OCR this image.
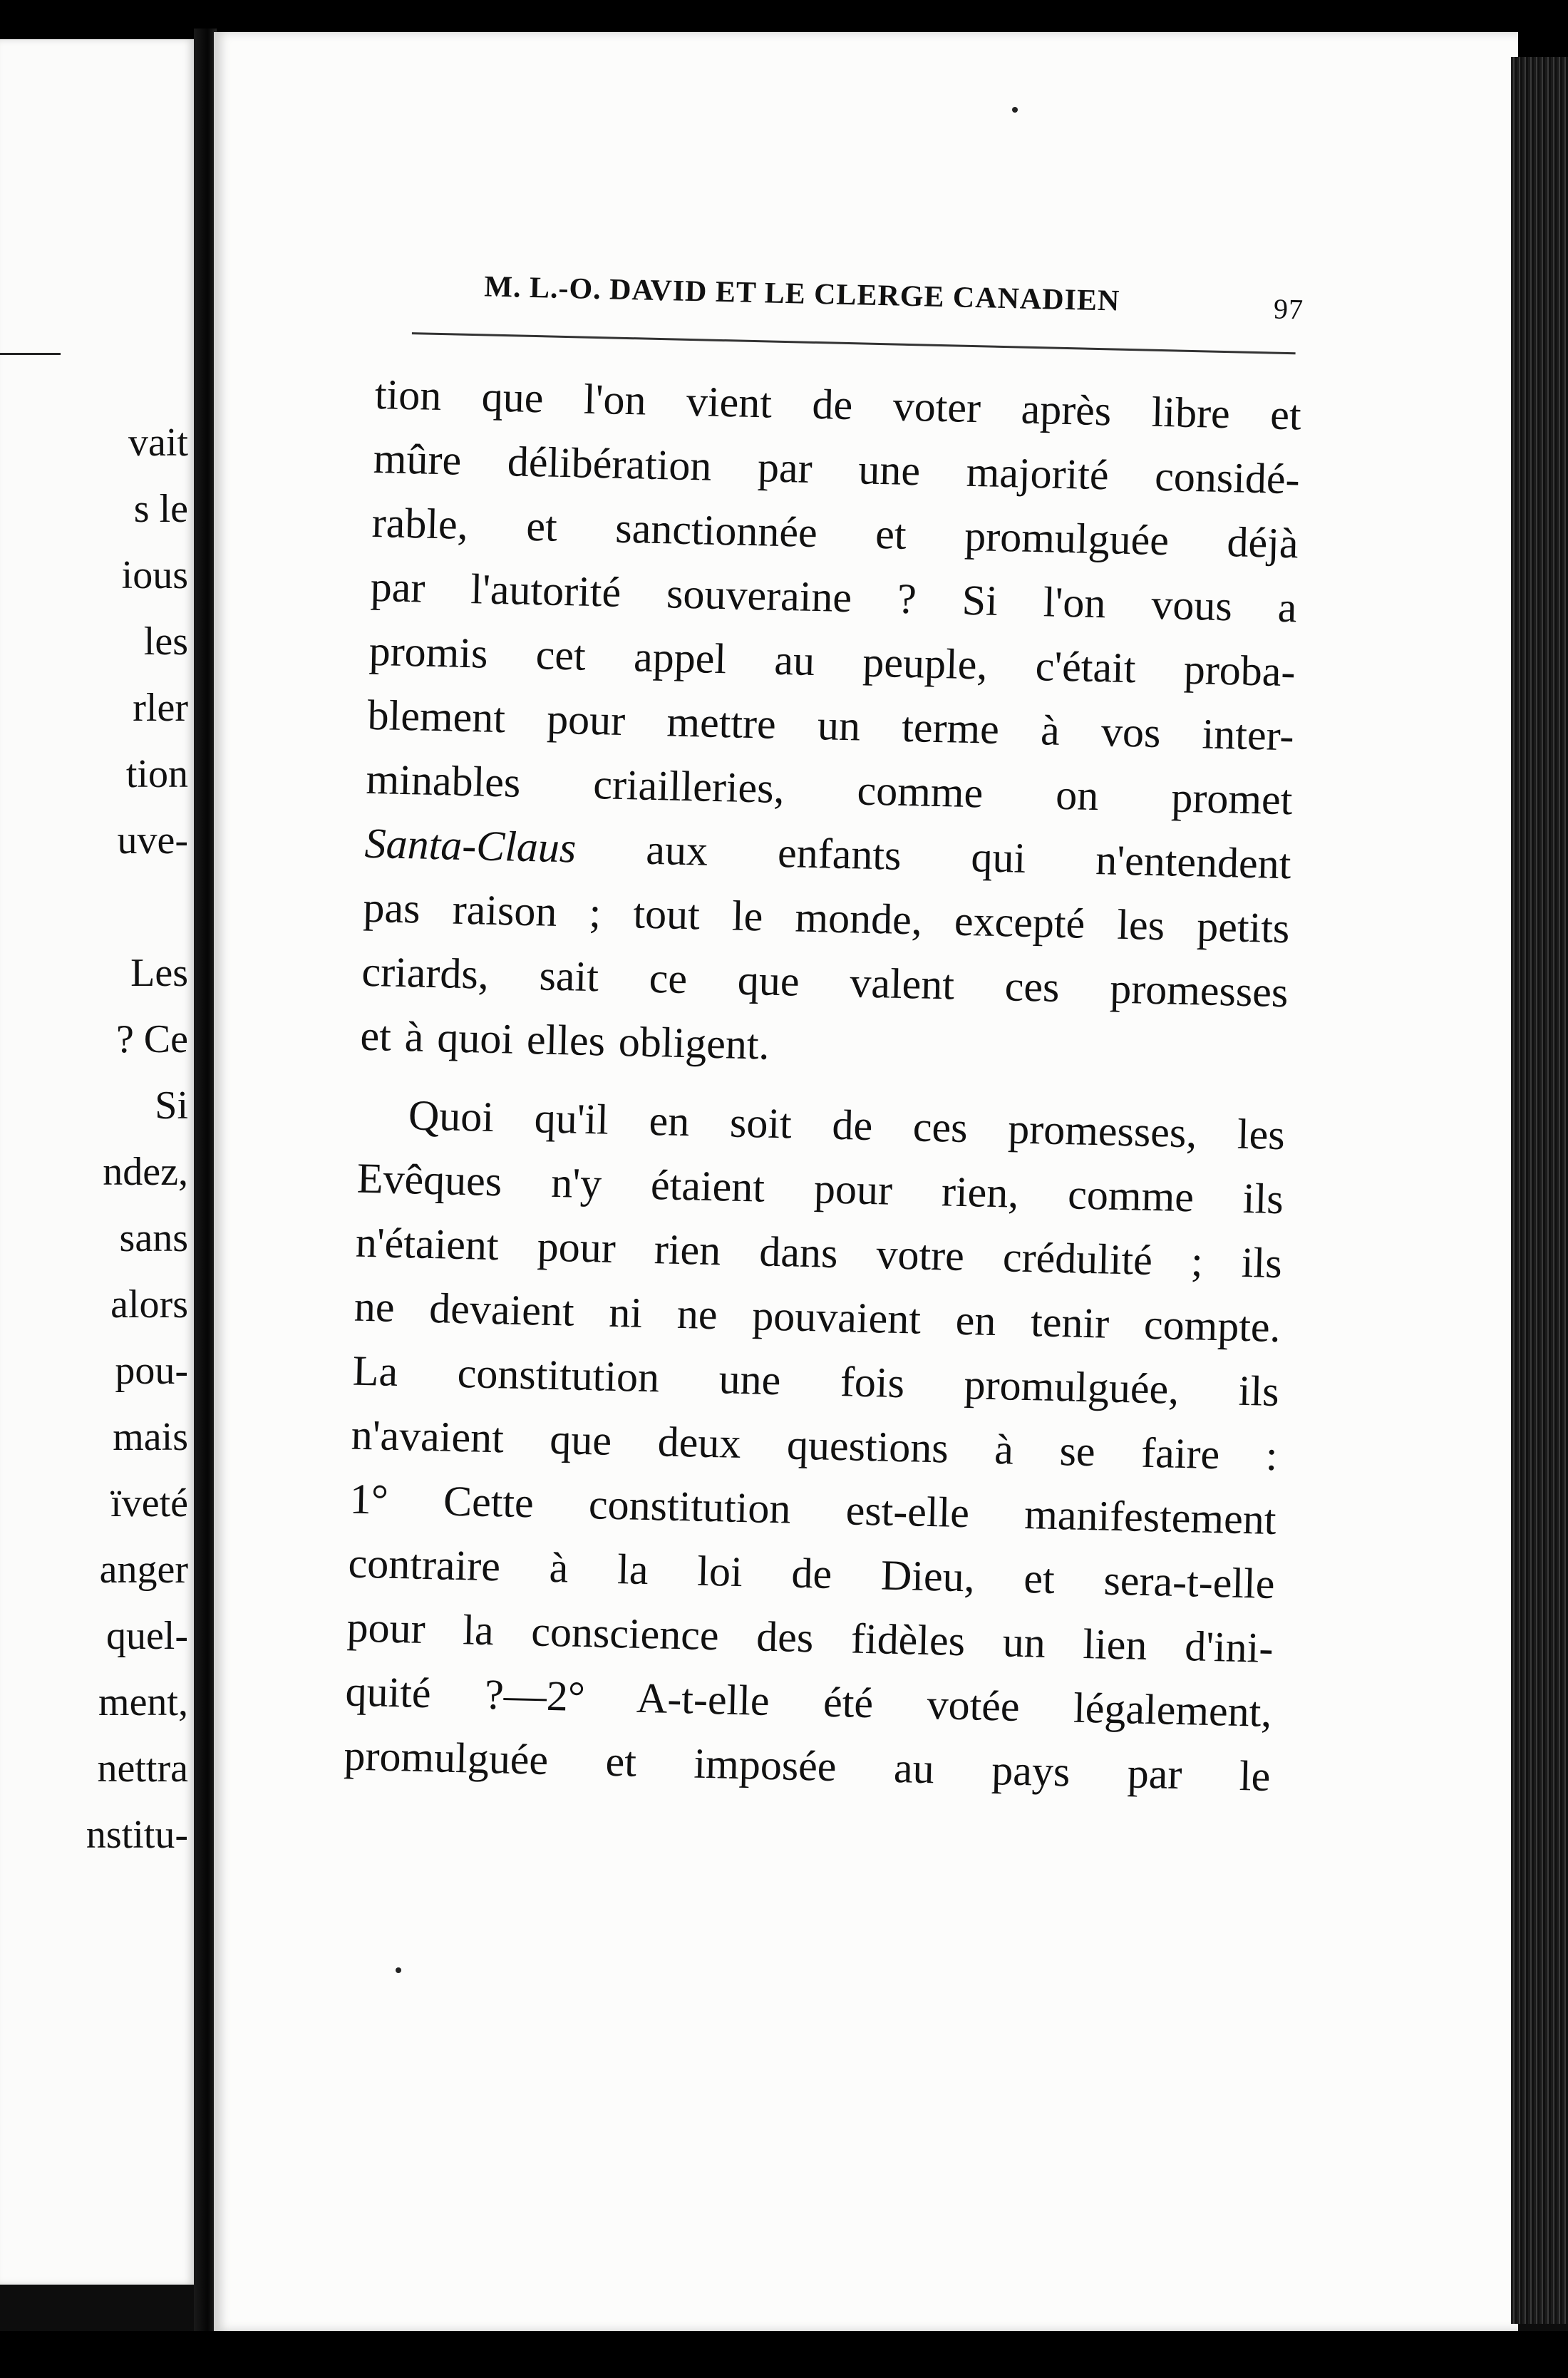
vait
s le
ious
les
rler
tion
uve-

Les
? Ce
Si
ndez,
sans
alors
pou-
mais
ïveté
anger
quel-
ment,
nettra
nstitu-
M. L.-O. DAVID ET LE CLERGE CANADIEN	97

tion que l'on vient de voter après libre et
mûre délibération par une majorité considé-
rable, et sanctionnée et promulguée déjà
par l'autorité souveraine ? Si l'on vous a
promis cet appel au peuple, c'était proba-
blement pour mettre un terme à vos inter-
minables criailleries, comme on promet
Santa-Claus aux enfants qui n'entendent
pas raison ; tout le monde, excepté les petits
criards, sait ce que valent ces promesses
et à quoi elles obligent.

Quoi qu'il en soit de ces promesses, les
Evêques n'y étaient pour rien, comme ils
n'étaient pour rien dans votre crédulité ; ils
ne devaient ni ne pouvaient en tenir compte.
La constitution une fois promulguée, ils
n'avaient que deux questions à se faire :
1° Cette constitution est-elle manifestement
contraire à la loi de Dieu, et sera-t-elle
pour la conscience des fidèles un lien d'ini-
quité ?—2° A-t-elle été votée légalement,
promulguée et imposée au pays par le
